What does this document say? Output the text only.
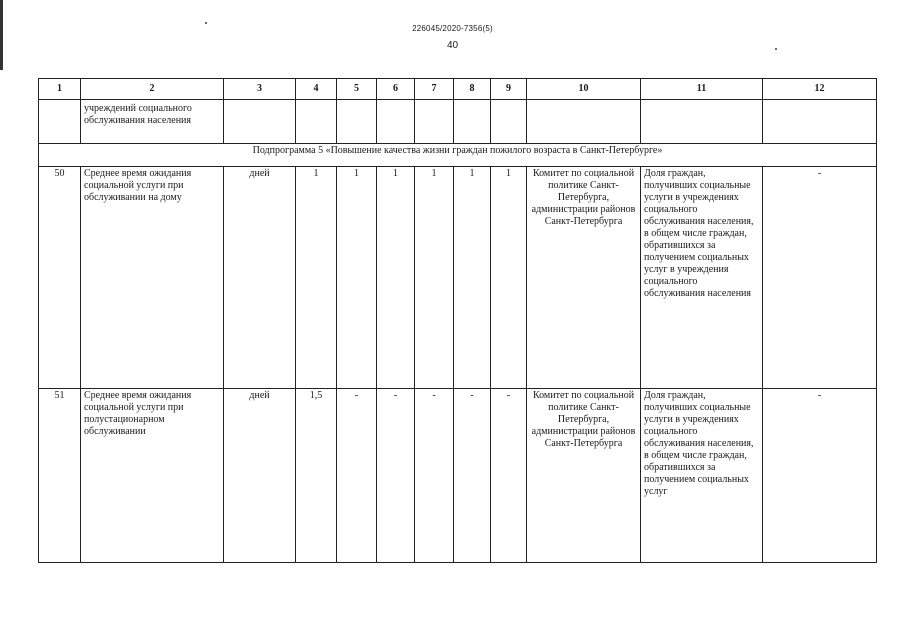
226045/2020-7356(5)
40
1	2	3	4	5	6	7	8	9	10	11	12
	учреждений социального обслуживания населения										
Подпрограмма 5 «Повышение качества жизни граждан пожилого возраста в Санкт-Петербурге»											
50	Среднее время ожидания социальной услуги при обслуживании на дому	дней	1	1	1	1	1	1	Комитет по социальной политике Санкт-Петербурга, администрации районов Санкт-Петербурга	Доля граждан, получивших социальные услуги в учреждениях социального обслуживания населения, в общем числе граждан, обратившихся за получением социальных услуг в учреждения социального обслуживания населения	-
51	Среднее время ожидания социальной услуги при полустационарном обслуживании	дней	1,5	-	-	-	-	-	Комитет по социальной политике Санкт-Петербурга, администрации районов Санкт-Петербурга	Доля граждан, получивших социальные услуги в учреждениях социального обслуживания населения, в общем числе граждан, обратившихся за получением социальных услуг	-
